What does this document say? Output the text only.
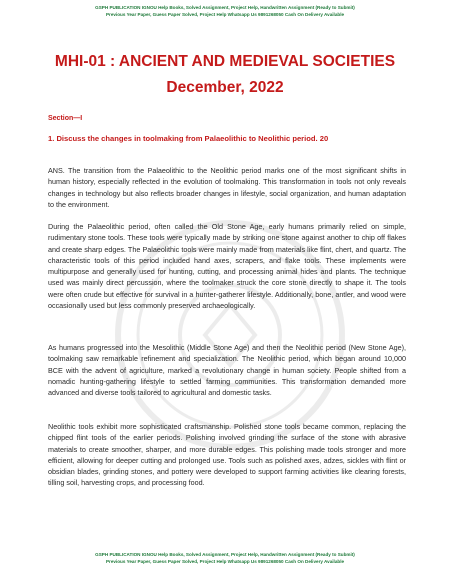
GSPH PUBLICATION IGNOU Help Books, Solved Assignment, Project Help, Handwritten Assignment (Ready to Submit)
Previous Year Paper, Guess Paper Solved, Project Help Whatsapp Us 9891268050 Cash On Delivery Available
MHI-01 : ANCIENT AND MEDIEVAL SOCIETIES
December, 2022
Section—I
1. Discuss the changes in toolmaking from Palaeolithic to Neolithic period. 20

ANS. The transition from the Palaeolithic to the Neolithic period marks one of the most significant shifts in human history, especially reflected in the evolution of toolmaking. This transformation in tools not only reveals changes in technology but also reflects broader changes in lifestyle, social organization, and human adaptation to the environment.

During the Palaeolithic period, often called the Old Stone Age, early humans primarily relied on simple, rudimentary stone tools. These tools were typically made by striking one stone against another to chip off flakes and create sharp edges. The Palaeolithic tools were mainly made from materials like flint, chert, and quartz. The characteristic tools of this period included hand axes, scrapers, and flake tools. These implements were multipurpose and generally used for hunting, cutting, and processing animal hides and plants. The technique used was mainly direct percussion, where the toolmaker struck the core stone directly to shape it. The tools were often crude but effective for survival in a hunter-gatherer lifestyle. Additionally, bone, antler, and wood were occasionally used but less commonly preserved archaeologically.

As humans progressed into the Mesolithic (Middle Stone Age) and then the Neolithic period (New Stone Age), toolmaking saw remarkable refinement and specialization. The Neolithic period, which began around 10,000 BCE with the advent of agriculture, marked a revolutionary change in human society. People shifted from a nomadic hunting-gathering lifestyle to settled farming communities. This transformation demanded more advanced and diverse tools tailored to agricultural and domestic tasks.

Neolithic tools exhibit more sophisticated craftsmanship. Polished stone tools became common, replacing the chipped flint tools of the earlier periods. Polishing involved grinding the surface of the stone with abrasive materials to create smoother, sharper, and more durable edges. This polishing made tools stronger and more efficient, allowing for deeper cutting and prolonged use. Tools such as polished axes, adzes, sickles with flint or obsidian blades, grinding stones, and pottery were developed to support farming activities like clearing forests, tilling soil, harvesting crops, and processing food.

GSPH PUBLICATION IGNOU Help Books, Solved Assignment, Project Help, Handwritten Assignment (Ready to Submit)
Previous Year Paper, Guess Paper Solved, Project Help Whatsapp Us 9891268050 Cash On Delivery Available
